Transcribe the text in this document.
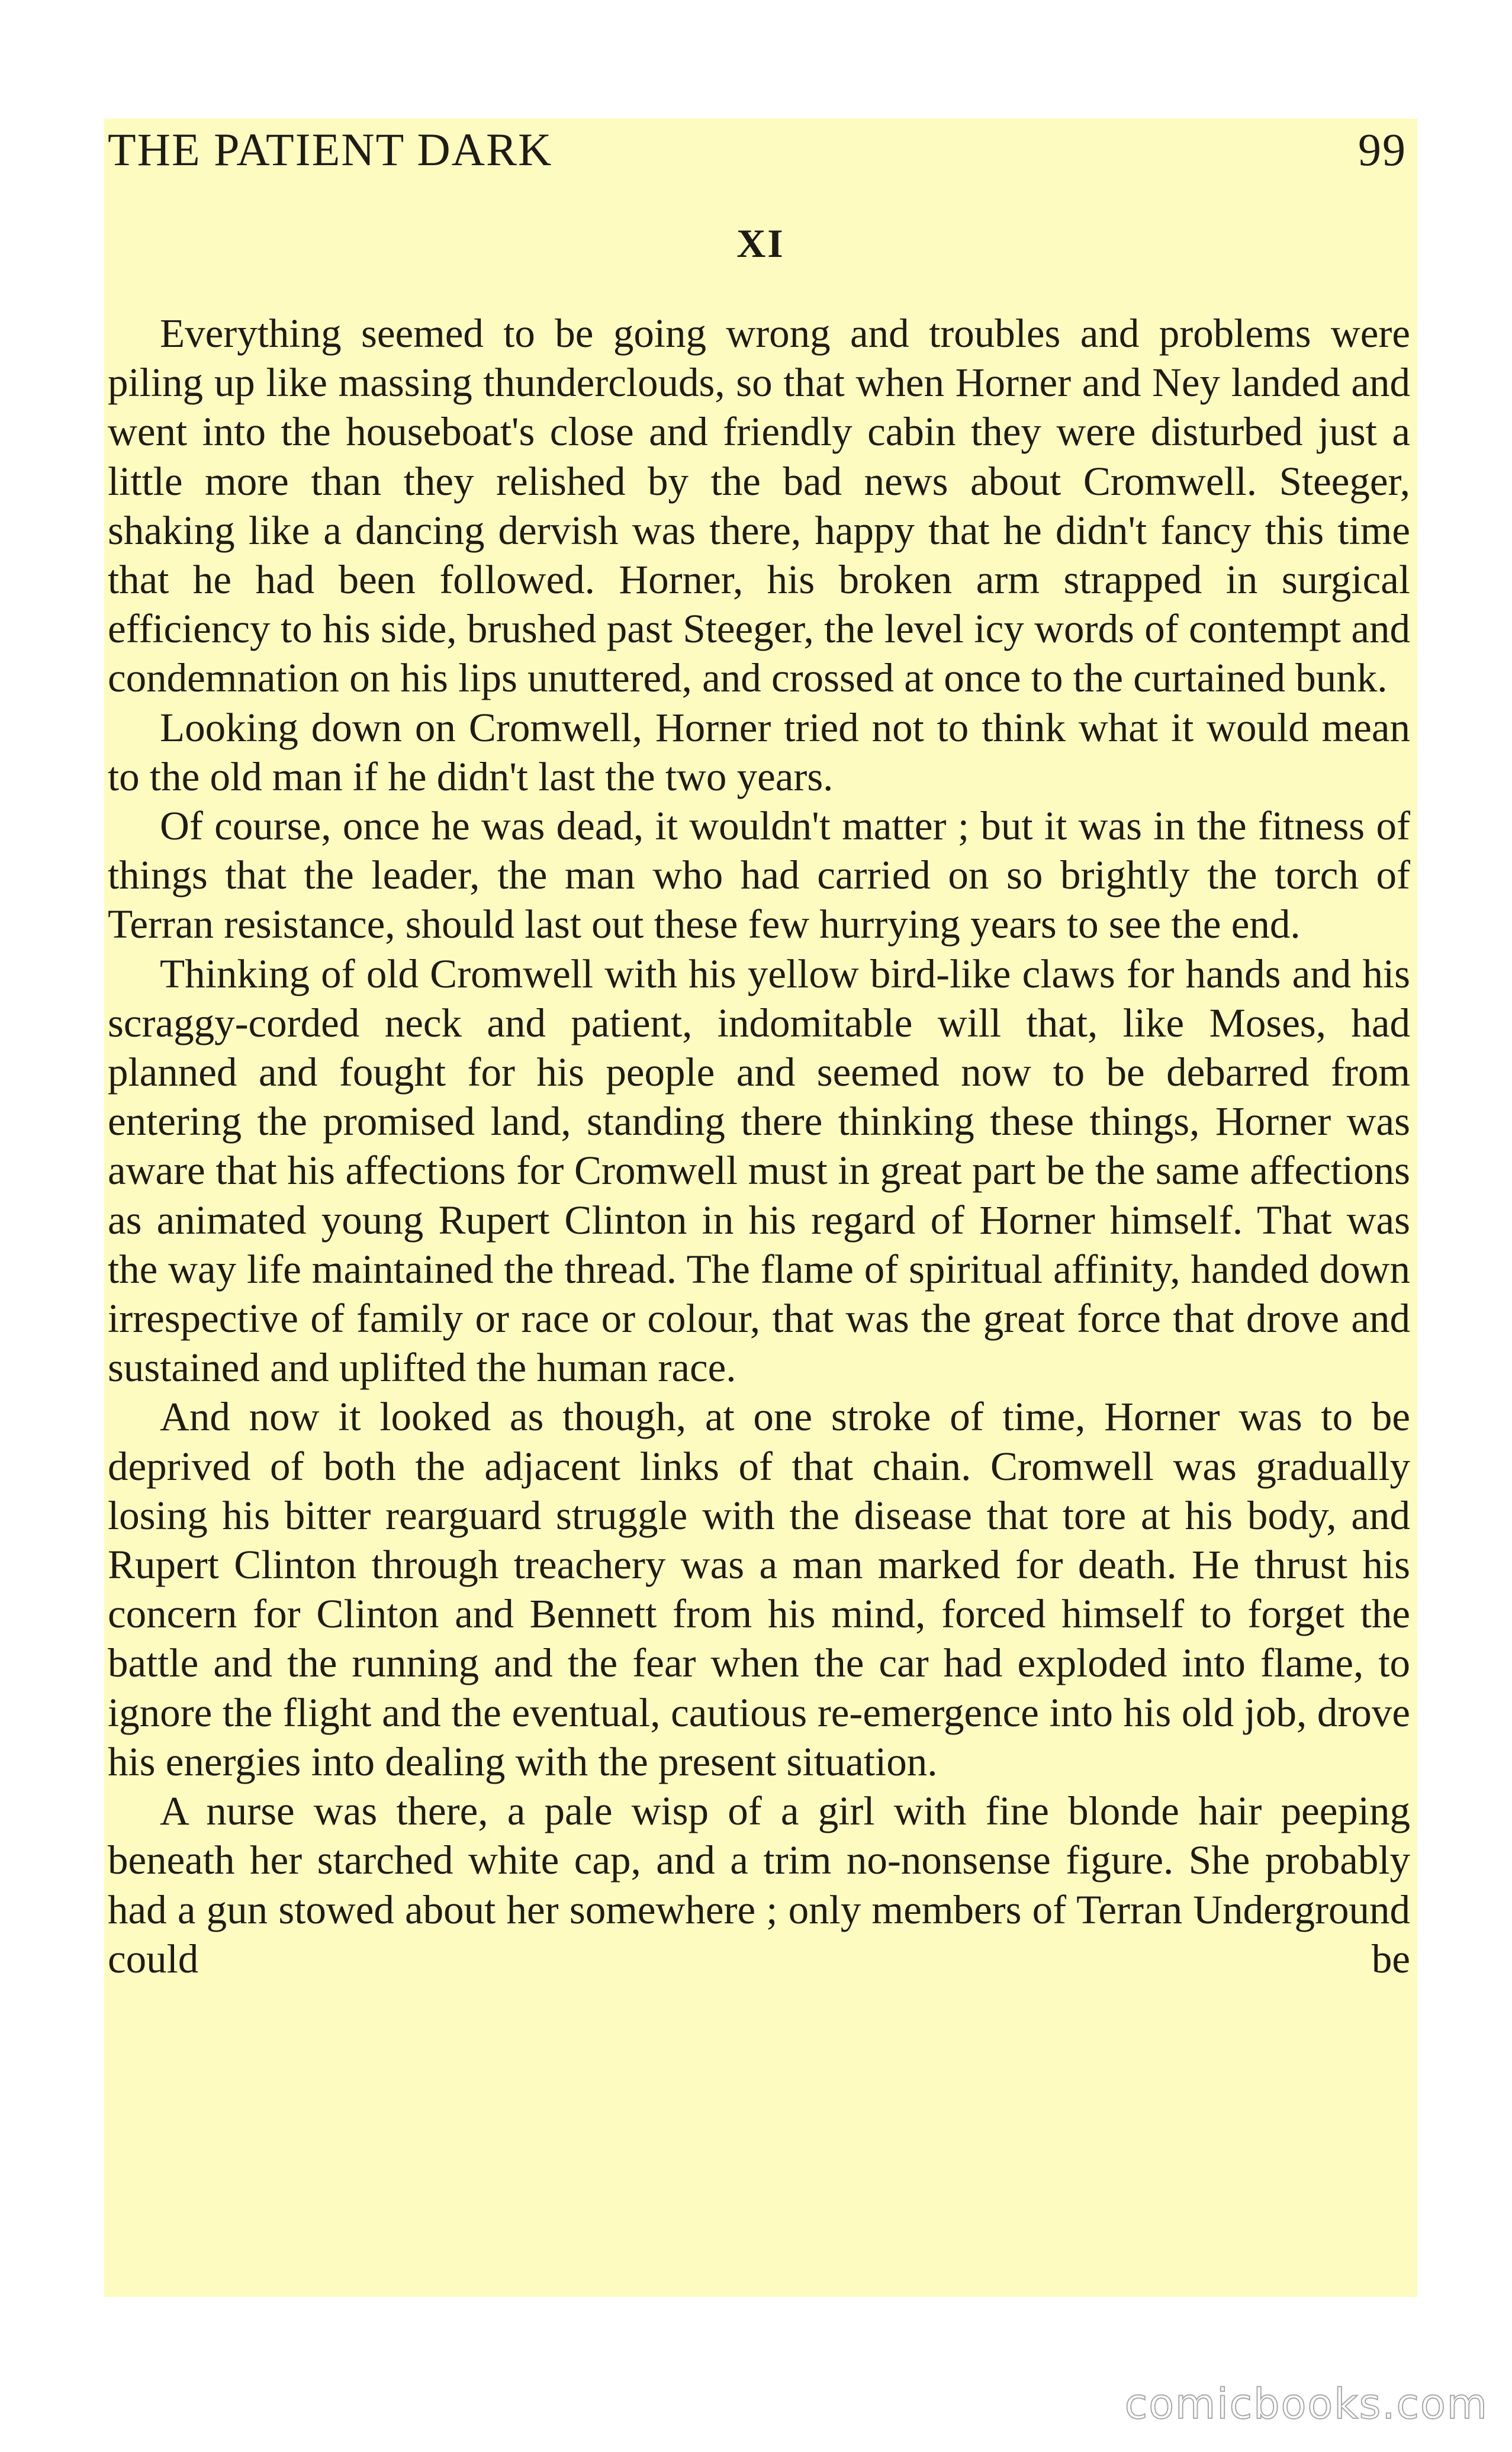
THE PATIENT DARK	99
XI

Everything seemed to be going wrong and troubles and problems were piling up like massing thunderclouds, so that when Horner and Ney landed and went into the houseboat's close and friendly cabin they were disturbed just a little more than they relished by the bad news about Cromwell. Steeger, shaking like a dancing dervish was there, happy that he didn't fancy this time that he had been followed. Horner, his broken arm strapped in surgical efficiency to his side, brushed past Steeger, the level icy words of contempt and condemnation on his lips unuttered, and crossed at once to the curtained bunk.

Looking down on Cromwell, Horner tried not to think what it would mean to the old man if he didn't last the two years.

Of course, once he was dead, it wouldn't matter ; but it was in the fitness of things that the leader, the man who had carried on so brightly the torch of Terran resistance, should last out these few hurrying years to see the end.

Thinking of old Cromwell with his yellow bird-like claws for hands and his scraggy-corded neck and patient, indomitable will that, like Moses, had planned and fought for his people and seemed now to be debarred from entering the promised land, standing there thinking these things, Horner was aware that his affections for Cromwell must in great part be the same affections as animated young Rupert Clinton in his regard of Horner himself. That was the way life maintained the thread. The flame of spiritual affinity, handed down irrespective of family or race or colour, that was the great force that drove and sustained and uplifted the human race.

And now it looked as though, at one stroke of time, Horner was to be deprived of both the adjacent links of that chain. Cromwell was gradually losing his bitter rearguard struggle with the disease that tore at his body, and Rupert Clinton through treachery was a man marked for death. He thrust his concern for Clinton and Bennett from his mind, forced himself to forget the battle and the running and the fear when the car had exploded into flame, to ignore the flight and the eventual, cautious re-emergence into his old job, drove his energies into dealing with the present situation.

A nurse was there, a pale wisp of a girl with fine blonde hair peeping beneath her starched white cap, and a trim no-nonsense figure. She probably had a gun stowed about her somewhere ; only members of Terran Underground could be

comicbooks.com
